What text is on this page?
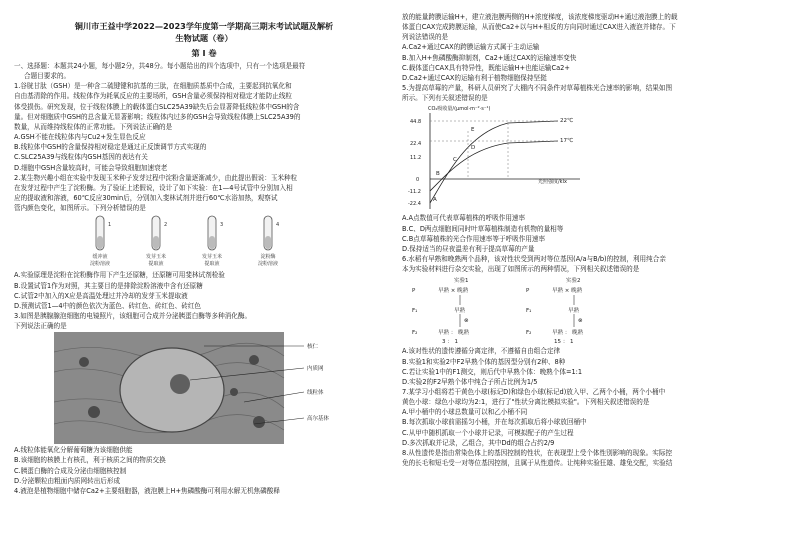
铜川市王益中学2022—2023学年度第一学期高三期末考试试题及解析
生物试题（卷）
第 Ⅰ 卷
一、选择题：本题共24小题，每小题2分，共48分。每小题给出的四个选项中，只有一个选项是最符
合题目要求的。
1.谷胱甘肽（GSH）是一种含二硫键键和抗基的三肽，在细胞质基质中合成，主要起到抗氧化和
自由基清除的作用。线粒体作为耗氧反应的主要场所，GSH含量必须保持相对稳定才能防止线粒
体受损伤。研究发现，位于线粒体膜上的载体蛋白SLC25A39缺失后会显著降低线粒体中GSH的含
量。但对细胞质中GSH的总含量无显著影响；线粒体内过多的GSH会导致线粒体膜上SLC25A39的
数量，从而维持线粒体的正常功能。下列说法正确的是
A.GSH不能在线粒体内与Cu2+发生显色反应
B.线粒体中GSH的含量保持相对稳定是通过正反馈调节方式实现的
C.SLC25A39与线粒体内GSH基因的表达有关
D.细胞中GSH含量较高时，可能会导致细胞加速衰老
2.某生物兴趣小组在实验中发现玉米种子发芽过程中淀粉含量逐渐减少，由此提出假说：玉米种粒
在发芽过程中产生了淀粉酶。为了验证上述假说，设计了如下实验：在1—4号试管中分别加入相
应的提取液和溶液，60℃反应30min后，分别加入斐林试剂并进行60℃水浴加热，观察试
管内颜色变化，如图所示。下列分析错误的是
1	2	3	4
缓冲液	发芽玉米	发芽玉米	淀粉酶
淀粉溶液	提取液	提取液	淀粉溶液
A.实验原理是淀粉在淀粉酶作用下产生还原糖，还原糖可用斐林试剂检验
B.设置试管1作为对照，其主要目的是排除淀粉溶液中含有还原糖
C.试管2中加入的X应是高温处理过并冷却的发芽玉米提取液
D.预测试管1—4中的颜色依次为蓝色、砖红色、砖红色、砖红色
3.如图是胰腺腺泡细胞的电镜照片，该细胞可合成并分泌胰蛋白酶等多种消化酶。
下列说法正确的是
核仁
内质网
线粒体
高尔基体
A.线粒体能氧化分解葡萄糖为该细胞供能
B.该细胞的核膜上有核孔，利于核质之间的物质交换
C.胰蛋白酶的合成及分泌由细胞核控制
D.分泌颗粒由粗面内质网转出后形成
4.液泡是植物细胞中储存Ca2+主要细胞器，液泡膜上H+焦磷酸酶可利用水解无机焦磷酸释
放的能量跨膜运输H+，建立液泡膜两侧的H+浓度梯度，该浓度梯度驱动H+通过液泡膜上的载
体蛋白CAX完成跨膜运输，从而使Ca2+以与H+相反的方向同时通过CAX进入液泡并储存。下
列说法错误的是
A.Ca2+通过CAX的跨膜运输方式属于主动运输
B.加入H+焦磷酸酶抑制剂，Ca2+通过CAX的运输速率变快
C.载体蛋白CAX具有特异性，既能运输H+也能运输Ca2+
D.Ca2+通过CAX的运输有利于植物细胞保持坚挺
5.为提高草莓的产量，科研人员研究了大棚内不同条件对草莓植株光合速率的影响，结果如图
所示。下列有关叙述错误的是
CO₂吸收量/(μmol·m⁻²·s⁻¹)
光照强度/klx
44.8
22.4
11.2
0
-11.2
-22.4
22℃
17℃
E
D
C
B
A
A.A点数值可代表草莓植株的呼吸作用速率
B.C、D两点细胞间同时叶草莓植株制造有机物的量相等
C.B点草莓植株的光合作用速率等于呼吸作用速率
D.保持适当的昼夜温差有利于提高草莓的产量
6.水稻有早熟和晚熟两个品种，该对性状受到两对等位基因(A/a与B/b)的控制，利用纯合亲
本为实验材料进行杂交实验，出现了如图所示的两种情况，下列相关叙述错误的是
实验1	实验2
P
F₁
F₂
P
F₁
F₂
早熟 × 晚熟
早熟
⊗
早熟 ： 晚熟
3 ： 1
早熟 × 晚熟
早熟
⊗
早熟 ： 晚熟
15 ： 1
A.该对性状的遗传遵循分离定律，不遵循自由组合定律
B.实验1和实验2中F2早熟个体的基因型分别有2种、8种
C.若让实验1中的F1测交，则后代中早熟个体：晚熟个体=1:1
D.实验2的F2早熟个体中纯合子所占比例为1/5
7.某学习小组将若干黄色小球(标记D)和绿色小球(标记d)放入甲、乙两个小桶，两个小桶中
黄色小球：绿色小球均为2:1，进行了"性状分离比模拟实验"。下列相关叙述错误的是
A.甲小桶中的小球总数量可以和乙小桶不同
B.每次抓取小球前需摇匀小桶，并在每次抓取后将小球放回桶中
C.从甲中随机抓取一个小球并记录，可模拟配子的产生过程
D.多次抓取并记录，乙组合，其中Dd的组合占约2/9
8.从性遗传是指由常染色体上的基因控制的性状，在表现型上受个体性别影响的现象。实际控
免的长毛和短毛受一对等位基因控制，且属于从性遗传。让纯种实验狂雄、雄兔交配，实验结
